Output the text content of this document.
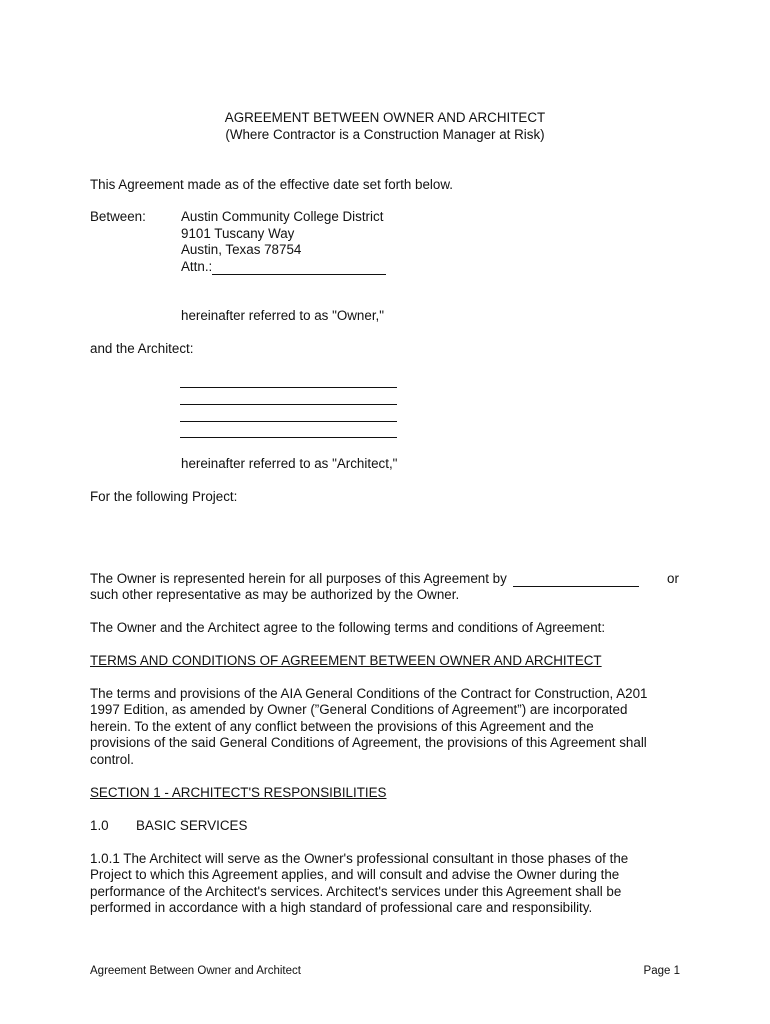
AGREEMENT BETWEEN OWNER AND ARCHITECT
(Where Contractor is a Construction Manager at Risk)
This Agreement made as of the effective date set forth below.
Between:	Austin Community College District
9101 Tuscany Way
Austin, Texas 78754
Attn.:
hereinafter referred to as "Owner,"
and the Architect:
hereinafter referred to as "Architect,"
For the following Project:
The Owner is represented herein for all purposes of this Agreement by	or
such other representative as may be authorized by the Owner.
The Owner and the Architect agree to the following terms and conditions of Agreement:
TERMS AND CONDITIONS OF AGREEMENT BETWEEN OWNER AND ARCHITECT
The terms and provisions of the AIA General Conditions of the Contract for Construction, A201
1997 Edition, as amended by Owner (”General Conditions of Agreement”) are incorporated
herein. To the extent of any conflict between the provisions of this Agreement and the
provisions of the said General Conditions of Agreement, the provisions of this Agreement shall
control.
SECTION 1 - ARCHITECT'S RESPONSIBILITIES
1.0 BASIC SERVICES
1.0.1 The Architect will serve as the Owner's professional consultant in those phases of the
Project to which this Agreement applies, and will consult and advise the Owner during the
performance of the Architect's services. Architect's services under this Agreement shall be
performed in accordance with a high standard of professional care and responsibility.
Agreement Between Owner and Architect	Page 1
